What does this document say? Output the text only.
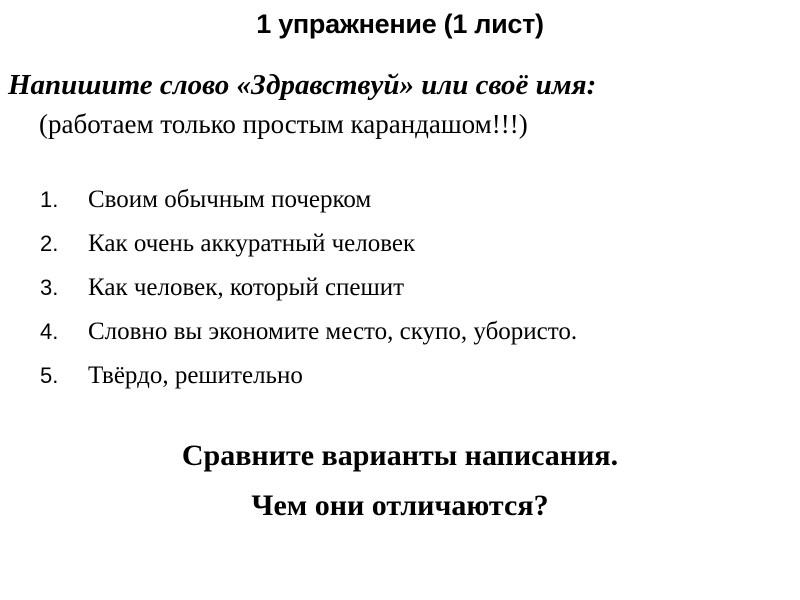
1 упражнение (1 лист)
Напишите слово «Здравствуй» или своё имя:
(работаем только простым карандашом!!!)
1.	Своим обычным почерком
2.	Как очень аккуратный человек
3.	Как человек, который спешит
4.	Словно вы экономите место, скупо, убористо.
5.	Твёрдо, решительно
Сравните варианты написания.
Чем они отличаются?
